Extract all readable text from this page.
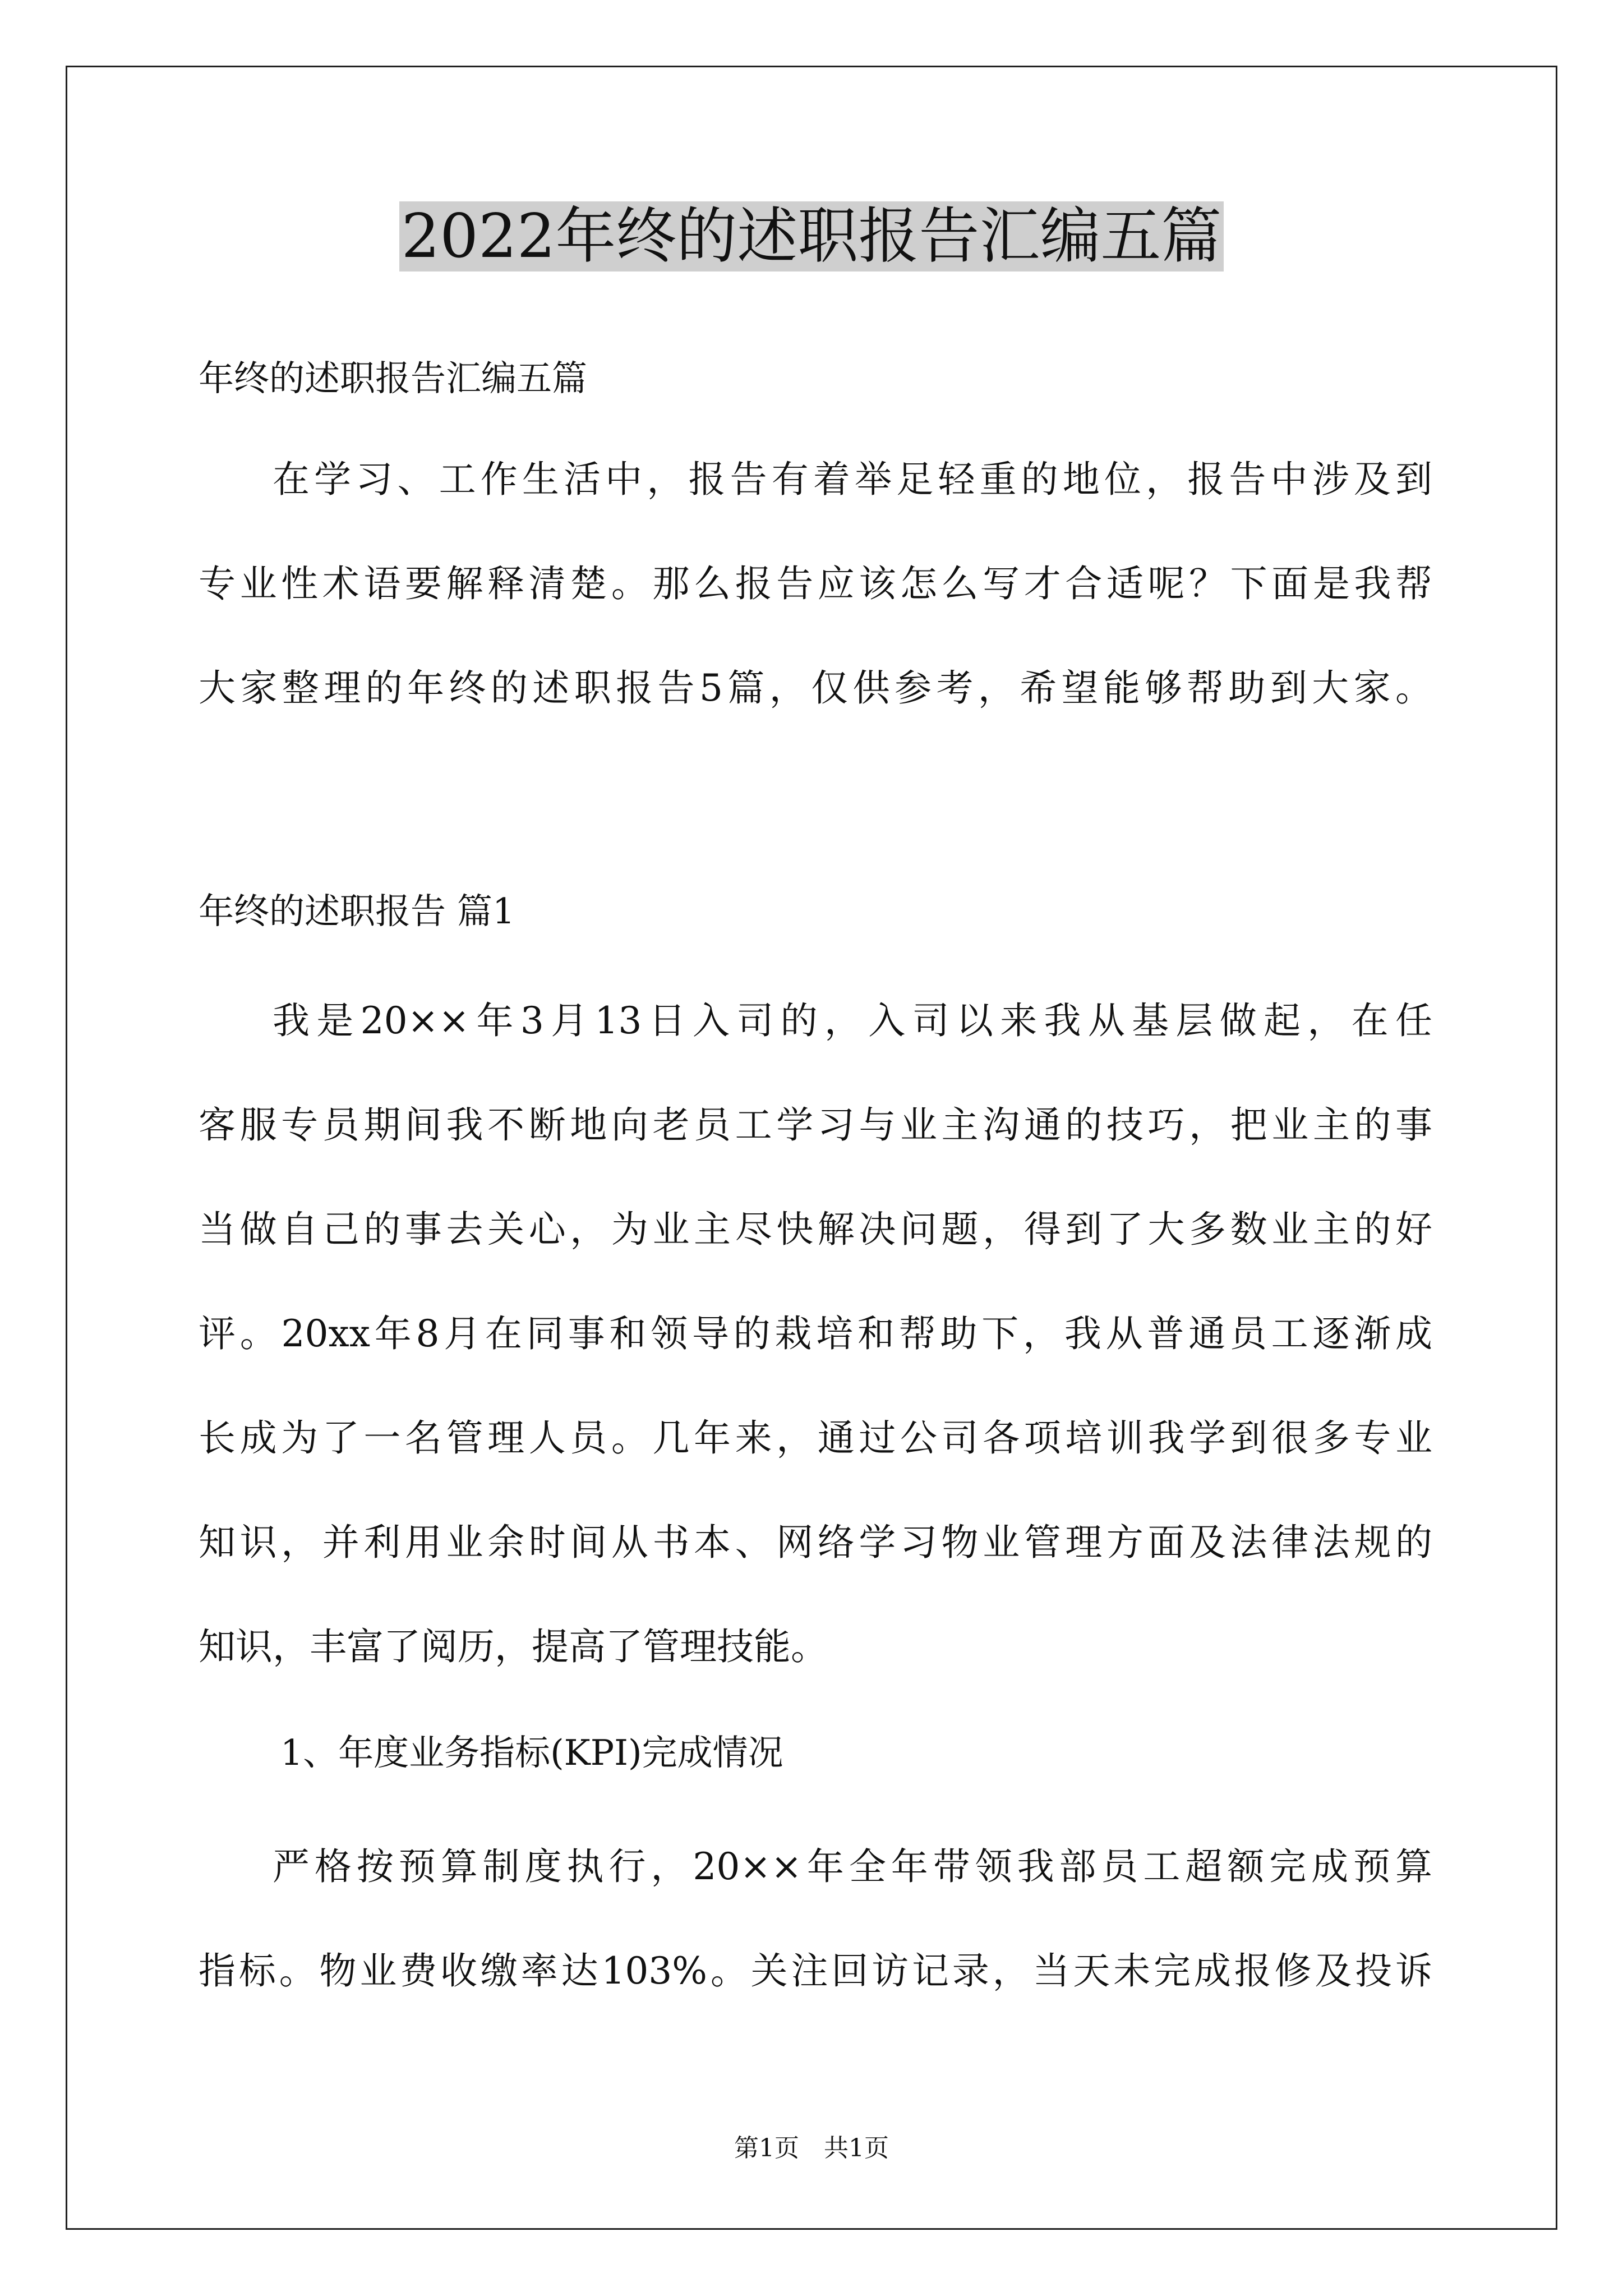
2022年终的述职报告汇编五篇

年终的述职报告汇编五篇

在学习、工作生活中，报告有着举足轻重的地位，报告中涉及到
专业性术语要解释清楚。那么报告应该怎么写才合适呢？下面是我帮
大家整理的年终的述职报告5篇，仅供参考，希望能够帮助到大家。

年终的述职报告 篇1

我是20××年3月13日入司的，入司以来我从基层做起，在任
客服专员期间我不断地向老员工学习与业主沟通的技巧，把业主的事
当做自己的事去关心，为业主尽快解决问题，得到了大多数业主的好
评。20xx年8月在同事和领导的栽培和帮助下，我从普通员工逐渐成
长成为了一名管理人员。几年来，通过公司各项培训我学到很多专业
知识，并利用业余时间从书本、网络学习物业管理方面及法律法规的
知识，丰富了阅历，提高了管理技能。

1、年度业务指标(KPI)完成情况

严格按预算制度执行，20××年全年带领我部员工超额完成预算
指标。物业费收缴率达103%。关注回访记录，当天未完成报修及投诉
第1页　共1页
